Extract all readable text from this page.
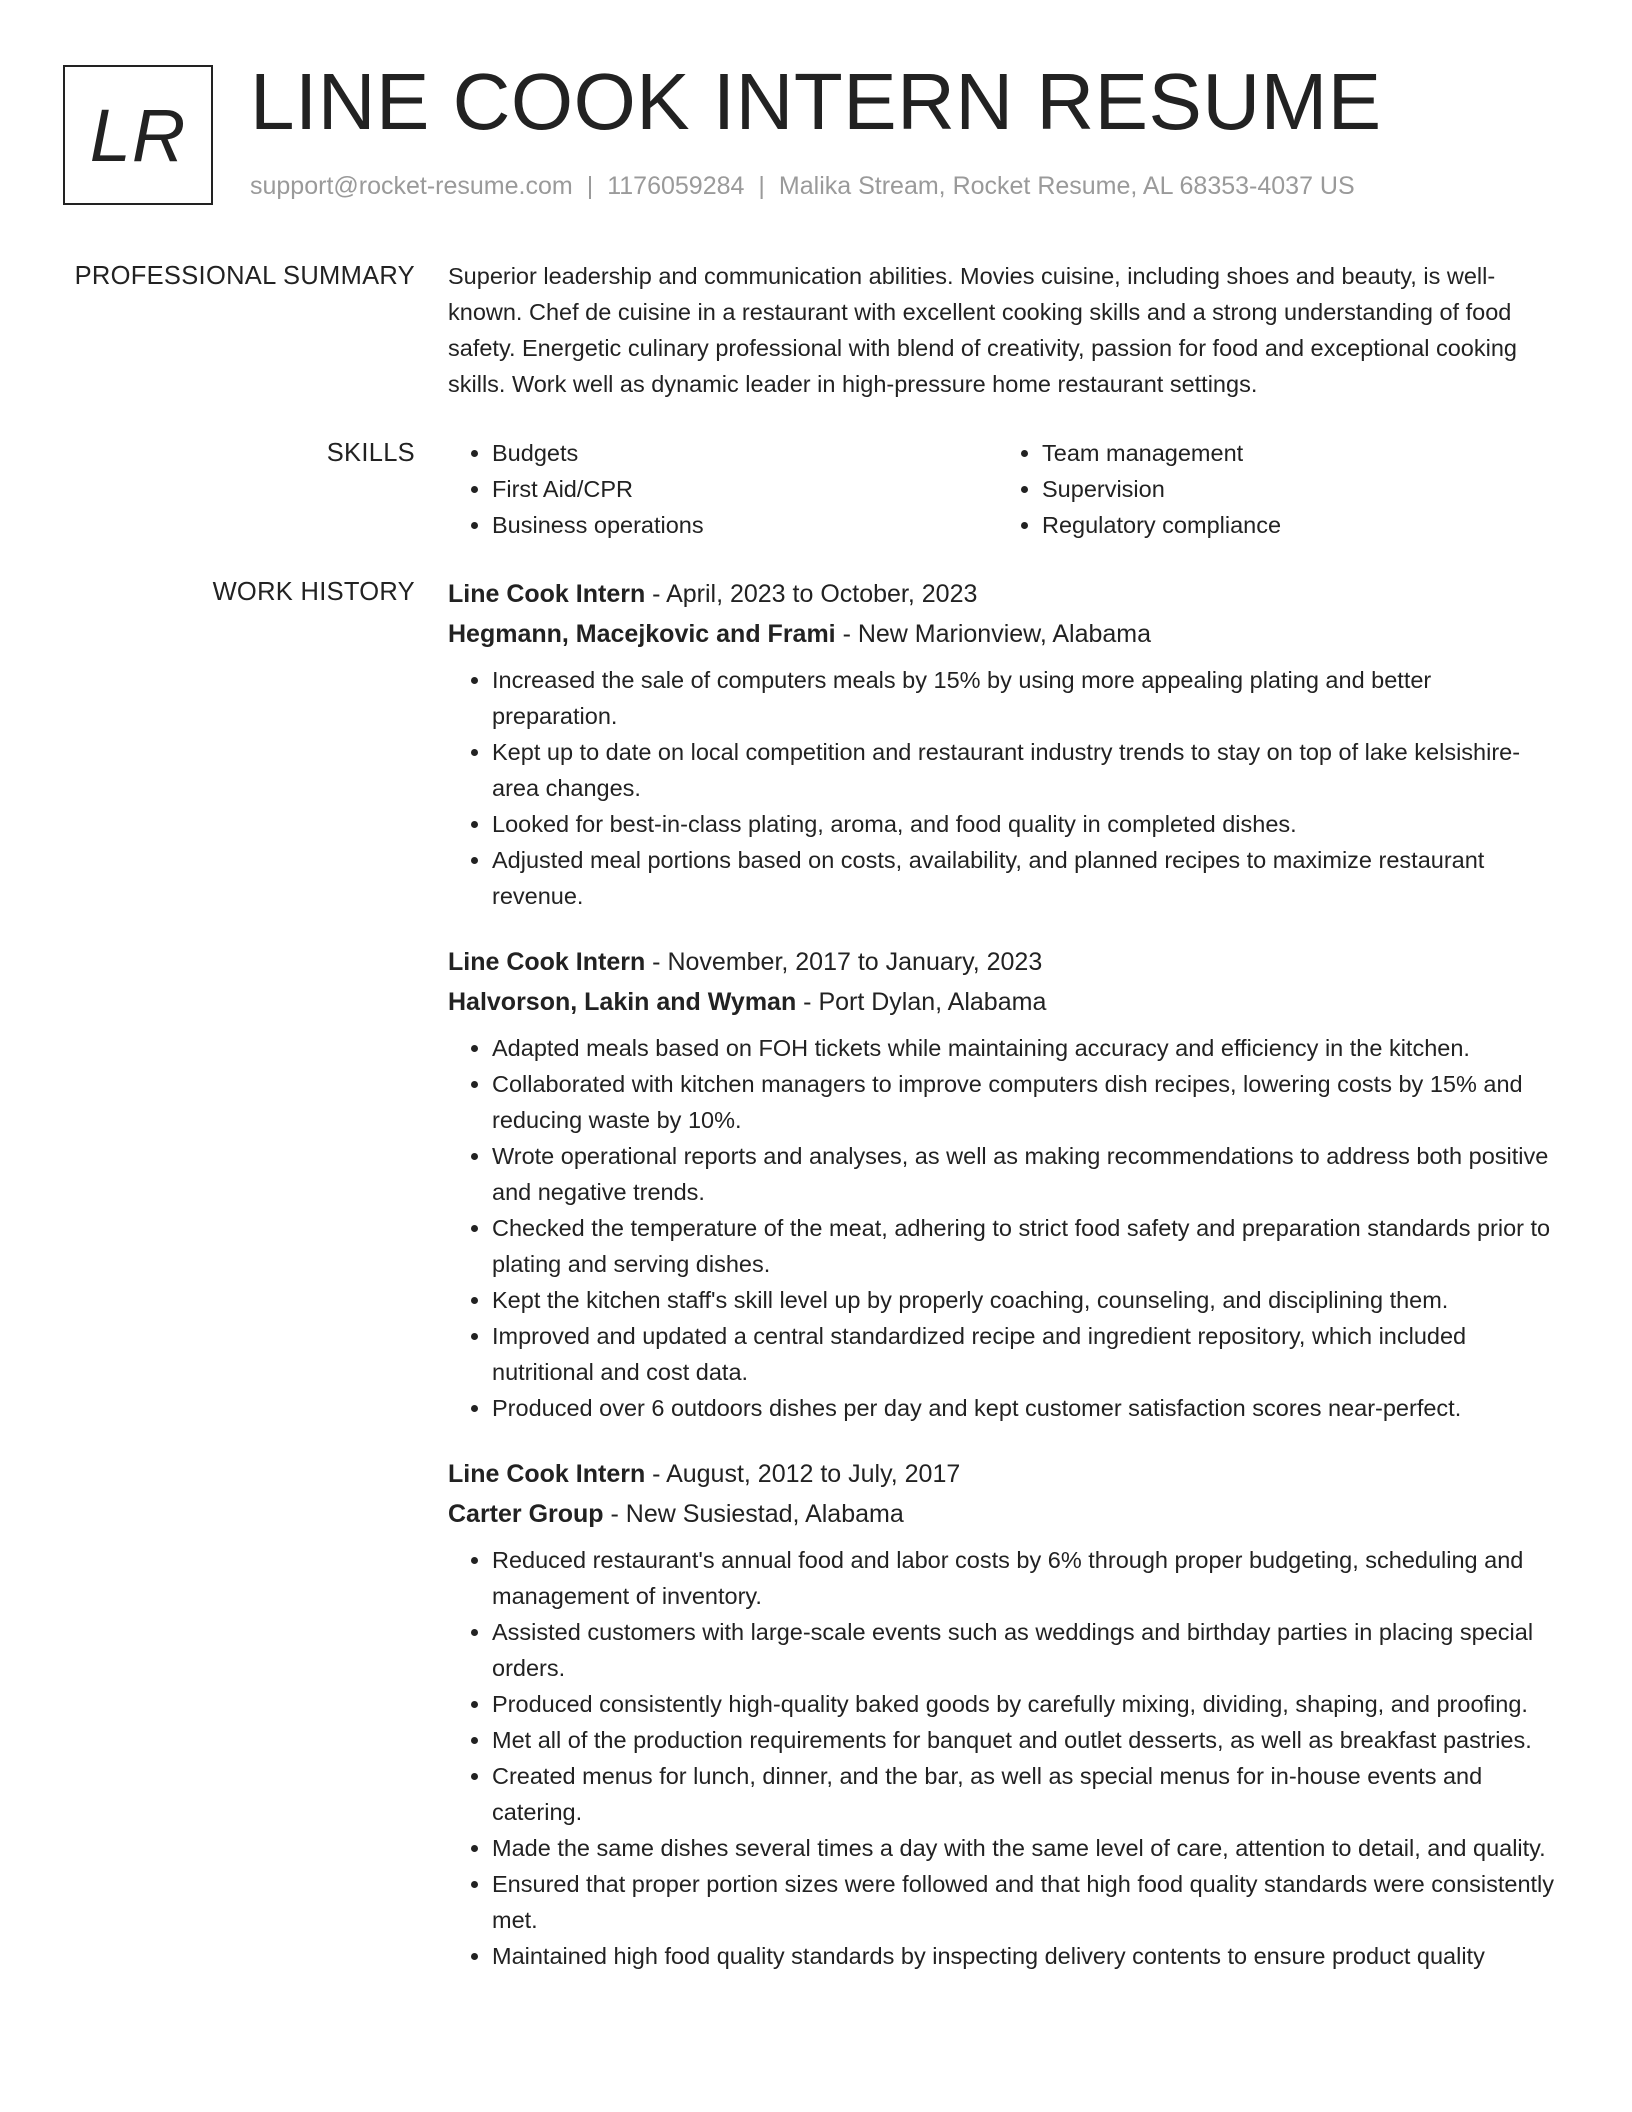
LR LINE COOK INTERN RESUME
support@rocket-resume.com | 1176059284 | Malika Stream, Rocket Resume, AL 68353-4037 US
PROFESSIONAL SUMMARY Superior leadership and communication abilities. Movies cuisine, including shoes and beauty, is well-known. Chef de cuisine in a restaurant with excellent cooking skills and a strong understanding of food safety. Energetic culinary professional with blend of creativity, passion for food and exceptional cooking skills. Work well as dynamic leader in high-pressure home restaurant settings.

SKILLS
•	Budgets
• First Aid/CPR
• Business operations
• Team management
• Supervision
• Regulatory compliance
WORK HISTORY Line Cook Intern - April, 2023 to October, 2023
Hegmann, Macejkovic and Frami - New Marionview, Alabama
• Increased the sale of computers meals by 15% by using more appealing plating and better preparation.
• Kept up to date on local competition and restaurant industry trends to stay on top of lake kelsishire-area changes.
• Looked for best-in-class plating, aroma, and food quality in completed dishes.
• Adjusted meal portions based on costs, availability, and planned recipes to maximize restaurant revenue.
Line Cook Intern - November, 2017 to January, 2023
Halvorson, Lakin and Wyman - Port Dylan, Alabama
• Adapted meals based on FOH tickets while maintaining accuracy and efficiency in the kitchen.
• Collaborated with kitchen managers to improve computers dish recipes, lowering costs by 15% and reducing waste by 10%.
• Wrote operational reports and analyses, as well as making recommendations to address both positive and negative trends.
• Checked the temperature of the meat, adhering to strict food safety and preparation standards prior to plating and serving dishes.
• Kept the kitchen staff's skill level up by properly coaching, counseling, and disciplining them.
• Improved and updated a central standardized recipe and ingredient repository, which included nutritional and cost data.
• Produced over 6 outdoors dishes per day and kept customer satisfaction scores near-perfect.
Line Cook Intern - August, 2012 to July, 2017
Carter Group - New Susiestad, Alabama
• Reduced restaurant's annual food and labor costs by 6% through proper budgeting, scheduling and management of inventory.
• Assisted customers with large-scale events such as weddings and birthday parties in placing special orders.
• Produced consistently high-quality baked goods by carefully mixing, dividing, shaping, and proofing.
• Met all of the production requirements for banquet and outlet desserts, as well as breakfast pastries.
• Created menus for lunch, dinner, and the bar, as well as special menus for in-house events and catering.
• Made the same dishes several times a day with the same level of care, attention to detail, and quality.
• Ensured that proper portion sizes were followed and that high food quality standards were consistently met.
• Maintained high food quality standards by inspecting delivery contents to ensure product quality
